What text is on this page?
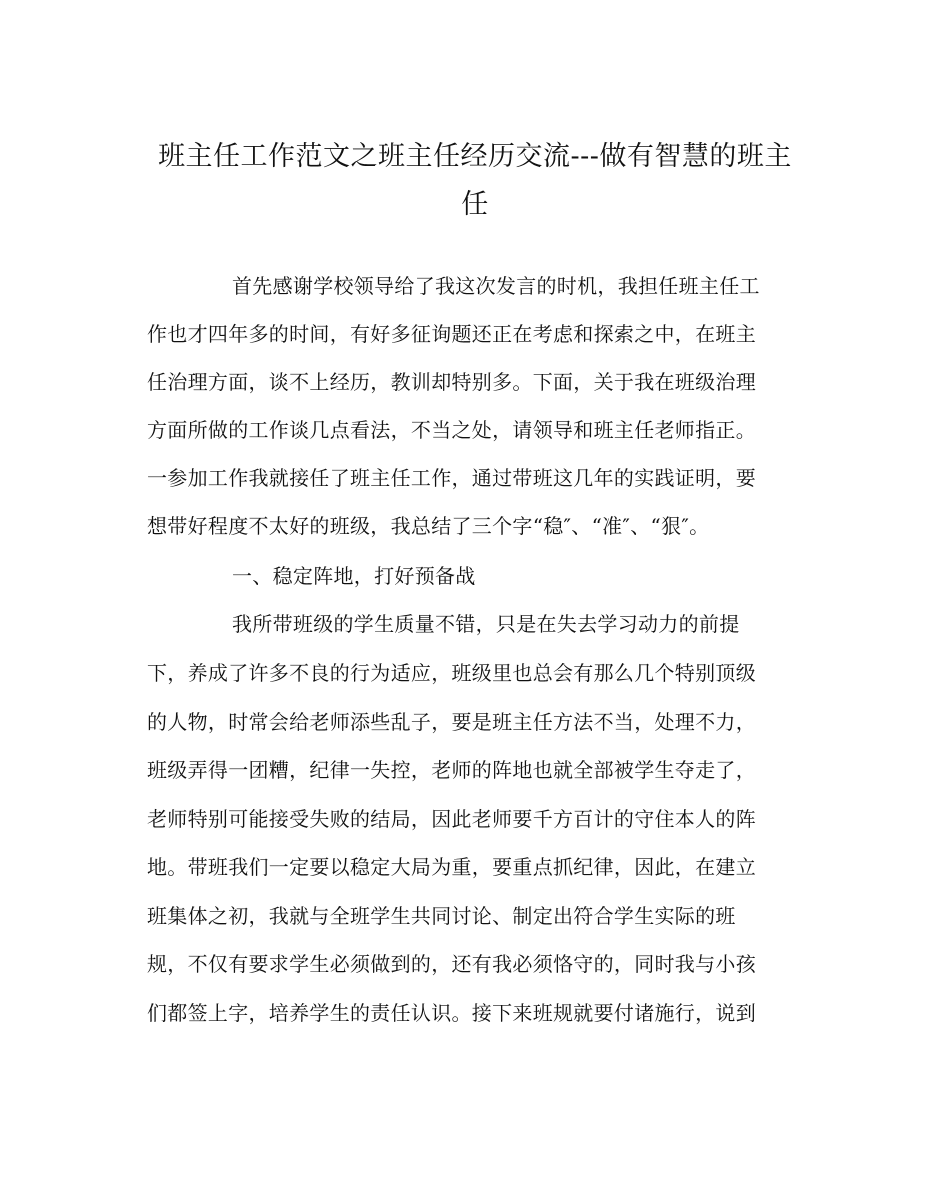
班主任工作范文之班主任经历交流---做有智慧的班主
任

首先感谢学校领导给了我这次发言的时机，我担任班主任工

作也才四年多的时间，有好多征询题还正在考虑和探索之中，在班主

任治理方面，谈不上经历，教训却特别多。下面，关于我在班级治理

方面所做的工作谈几点看法，不当之处，请领导和班主任老师指正。

一参加工作我就接任了班主任工作，通过带班这几年的实践证明，要

想带好程度不太好的班级，我总结了三个字“稳″、“准″、“狠″。

一、稳定阵地，打好预备战

我所带班级的学生质量不错，只是在失去学习动力的前提

下，养成了许多不良的行为适应，班级里也总会有那么几个特别顶级

的人物，时常会给老师添些乱子，要是班主任方法不当，处理不力，

班级弄得一团糟，纪律一失控，老师的阵地也就全部被学生夺走了，

老师特别可能接受失败的结局，因此老师要千方百计的守住本人的阵

地。带班我们一定要以稳定大局为重，要重点抓纪律，因此，在建立

班集体之初，我就与全班学生共同讨论、制定出符合学生实际的班

规，不仅有要求学生必须做到的，还有我必须恪守的，同时我与小孩

们都签上字，培养学生的责任认识。接下来班规就要付诸施行，说到
